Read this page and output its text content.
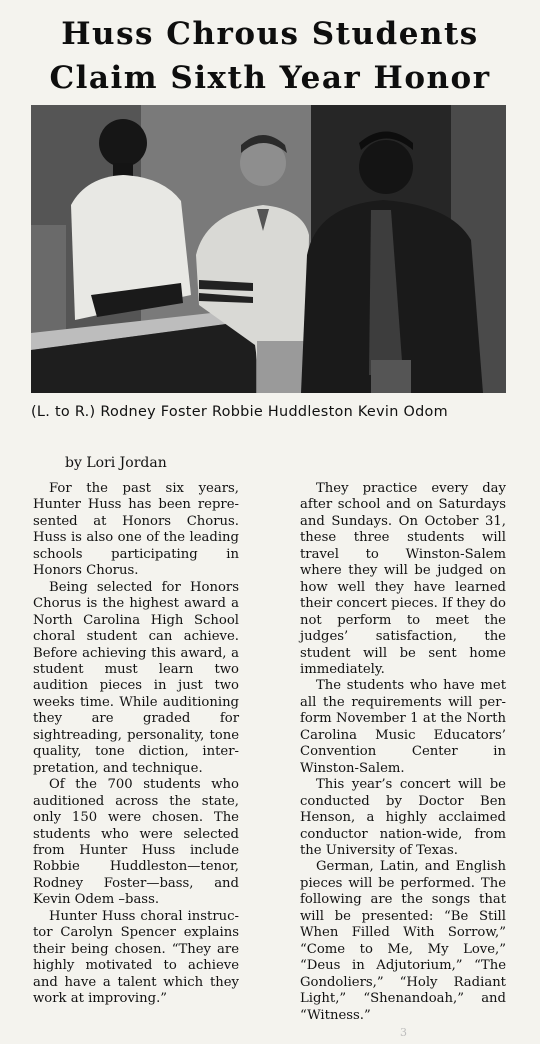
Huss Chrous Students
Claim Sixth Year Honor
(L. to R.) Rodney Foster Robbie Huddleston Kevin Odom
by Lori Jordan

For the past six years, Hunter Huss has been represented at Honors Chorus. Huss is also one of the leading schools participating in Honors Chorus.

Being selected for Honors Chorus is the highest award a North Carolina High School choral student can achieve. Before achieving this award, a student must learn two audition pieces in just two weeks time. While auditioning they are graded for sightreading, personality, tone quality, tone diction, interpretation, and technique.

Of the 700 students who auditioned across the state, only 150 were chosen. The students who were selected from Hunter Huss include Robbie Huddleston—tenor, Rodney Foster—bass, and Kevin Odem –bass.

Hunter Huss choral instructor Carolyn Spencer explains their being chosen. “They are highly motivated to achieve and have a talent which they work at improving.”

They practice every day after school and on Saturdays and Sundays. On October 31, these three students will travel to Winston-Salem where they will be judged on how well they have learned their concert pieces. If they do not perform to meet the judges’ satisfaction, the student will be sent home immediately.

The students who have met all the requirements will perform November 1 at the North Carolina Music Educators’ Convention Center in Winston-Salem.

This year’s concert will be conducted by Doctor Ben Henson, a highly acclaimed conductor nation-wide, from the University of Texas.

German, Latin, and English pieces will be performed. The following are the songs that will be presented: “Be Still When Filled With Sorrow,” “Come to Me, My Love,” “Deus in Adjutorium,” “The Gondoliers,” “Holy Radiant Light,” “Shenandoah,” and “Witness.”

3
